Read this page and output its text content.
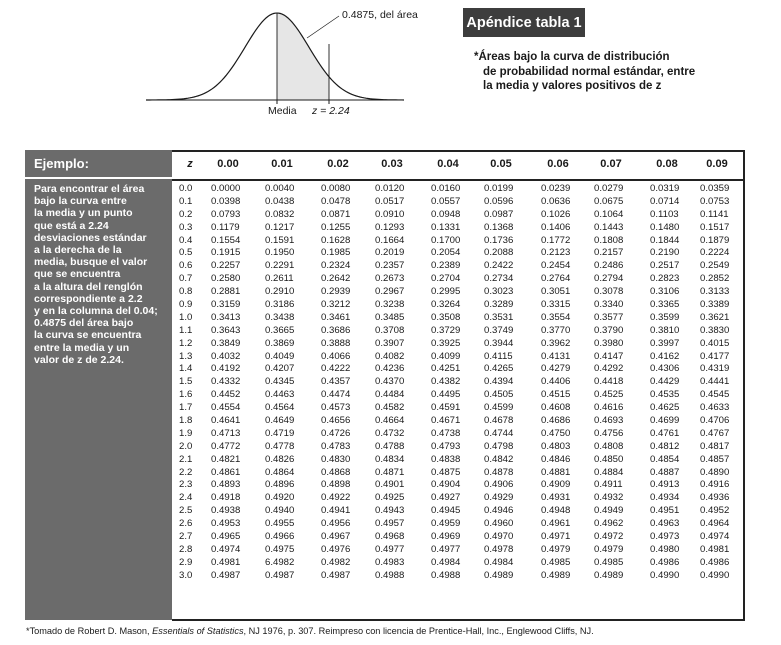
0.4875, del área
Media z = 2.24
Apéndice tabla 1
*Áreas bajo la curva de distribución
de probabilidad normal estándar, entre
la media y valores positivos de z
Ejemplo:
Para encontrar el área
bajo la curva entre
la media y un punto
que está a 2.24
desviaciones estándar
a la derecha de la
media, busque el valor
que se encuentra
a la altura del renglón
correspondiente a 2.2
y en la columna del 0.04;
0.4875 del área bajo
la curva se encuentra
entre la media y un
valor de z de 2.24.
z	0.00	0.01	0.02	0.03	0.04	0.05	0.06	0.07	0.08	0.09
0.0 0.0000	0.0040	0.0080	0.0120	0.0160 0.0199	0.0239 0.0279	0.0319 0.0359
0.1 0.0398	0.0438	0.0478	0.0517	0.0557 0.0596	0.0636 0.0675	0.0714 0.0753
0.2 0.0793	0.0832	0.0871	0.0910	0.0948 0.0987	0.1026 0.1064	0.1103 0.1141
0.3 0.1179	0.1217	0.1255	0.1293	0.1331 0.1368	0.1406 0.1443	0.1480 0.1517
0.4 0.1554	0.1591	0.1628	0.1664	0.1700 0.1736	0.1772 0.1808	0.1844 0.1879
0.5 0.1915	0.1950	0.1985	0.2019	0.2054 0.2088	0.2123 0.2157	0.2190 0.2224
0.6 0.2257	0.2291	0.2324	0.2357	0.2389 0.2422	0.2454 0.2486	0.2517 0.2549
0.7 0.2580	0.2611	0.2642	0.2673	0.2704 0.2734	0.2764 0.2794	0.2823 0.2852
0.8 0.2881	0.2910	0.2939	0.2967	0.2995 0.3023	0.3051 0.3078	0.3106 0.3133
0.9 0.3159	0.3186	0.3212	0.3238	0.3264 0.3289	0.3315 0.3340	0.3365 0.3389
1.0 0.3413	0.3438	0.3461	0.3485	0.3508 0.3531	0.3554 0.3577	0.3599 0.3621
1.1 0.3643	0.3665	0.3686	0.3708	0.3729 0.3749	0.3770 0.3790	0.3810 0.3830
1.2 0.3849	0.3869	0.3888	0.3907	0.3925 0.3944	0.3962 0.3980	0.3997 0.4015
1.3 0.4032	0.4049	0.4066	0.4082	0.4099 0.4115	0.4131 0.4147	0.4162 0.4177
1.4 0.4192	0.4207	0.4222	0.4236	0.4251 0.4265	0.4279 0.4292	0.4306 0.4319
1.5 0.4332	0.4345	0.4357	0.4370	0.4382 0.4394	0.4406 0.4418	0.4429 0.4441
1.6 0.4452	0.4463	0.4474	0.4484	0.4495 0.4505	0.4515 0.4525	0.4535 0.4545
1.7 0.4554	0.4564	0.4573	0.4582	0.4591 0.4599	0.4608 0.4616	0.4625 0.4633
1.8 0.4641	0.4649	0.4656	0.4664	0.4671 0.4678	0.4686 0.4693	0.4699 0.4706
1.9 0.4713	0.4719	0.4726	0.4732	0.4738 0.4744	0.4750 0.4756	0.4761 0.4767
2.0 0.4772	0.4778	0.4783	0.4788	0.4793 0.4798	0.4803 0.4808	0.4812 0.4817
2.1 0.4821	0.4826	0.4830	0.4834	0.4838 0.4842	0.4846 0.4850	0.4854 0.4857
2.2 0.4861	0.4864	0.4868	0.4871	0.4875 0.4878	0.4881 0.4884	0.4887 0.4890
2.3 0.4893	0.4896	0.4898	0.4901	0.4904 0.4906	0.4909 0.4911	0.4913 0.4916
2.4 0.4918	0.4920	0.4922	0.4925	0.4927 0.4929	0.4931 0.4932	0.4934 0.4936
2.5 0.4938	0.4940	0.4941	0.4943	0.4945 0.4946	0.4948 0.4949	0.4951 0.4952
2.6 0.4953	0.4955	0.4956	0.4957	0.4959 0.4960	0.4961 0.4962	0.4963 0.4964
2.7 0.4965	0.4966	0.4967	0.4968	0.4969 0.4970	0.4971 0.4972	0.4973 0.4974
2.8 0.4974	0.4975	0.4976	0.4977	0.4977 0.4978	0.4979 0.4979	0.4980 0.4981
2.9 0.4981	6.4982	0.4982	0.4983	0.4984 0.4984	0.4985 0.4985	0.4986 0.4986
3.0 0.4987	0.4987	0.4987	0.4988	0.4988 0.4989	0.4989 0.4989	0.4990 0.4990
*Tomado de Robert D. Mason, Essentials of Statistics, NJ 1976, p. 307. Reimpreso con licencia de Prentice-Hall, Inc., Englewood Cliffs, NJ.
